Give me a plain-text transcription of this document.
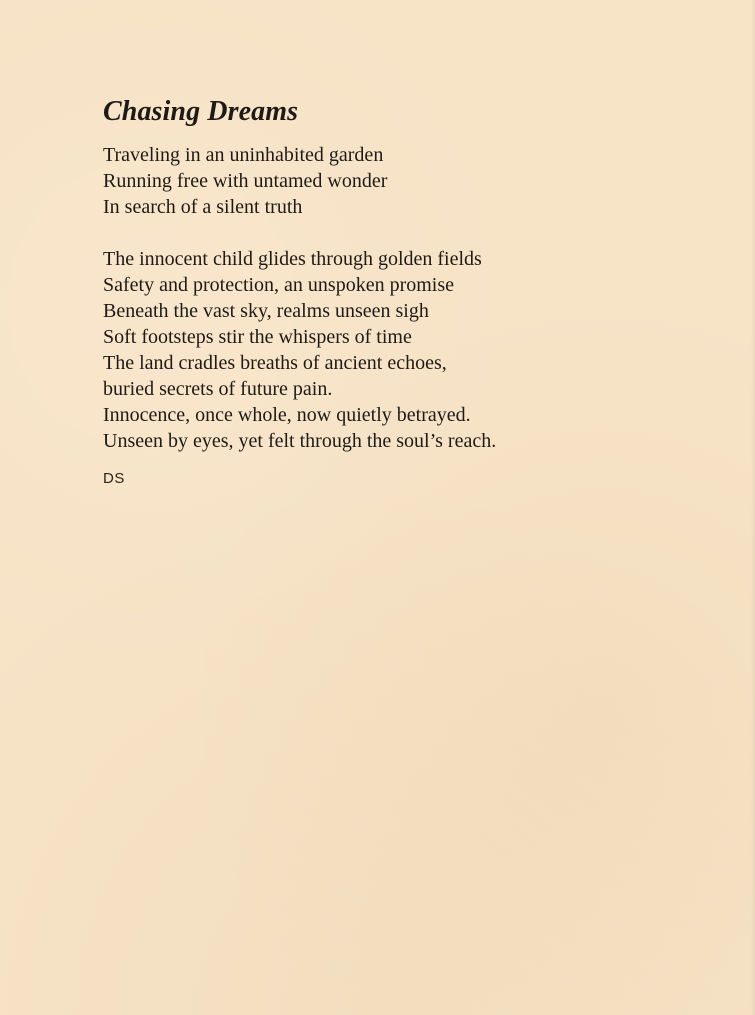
Chasing Dreams
Traveling in an uninhabited garden
Running free with untamed wonder
In search of a silent truth
The innocent child glides through golden fields
Safety and protection, an unspoken promise
Beneath the vast sky, realms unseen sigh
Soft footsteps stir the whispers of time
The land cradles breaths of ancient echoes,
buried secrets of future pain.
Innocence, once whole, now quietly betrayed.
Unseen by eyes, yet felt through the soul’s reach.
DS
